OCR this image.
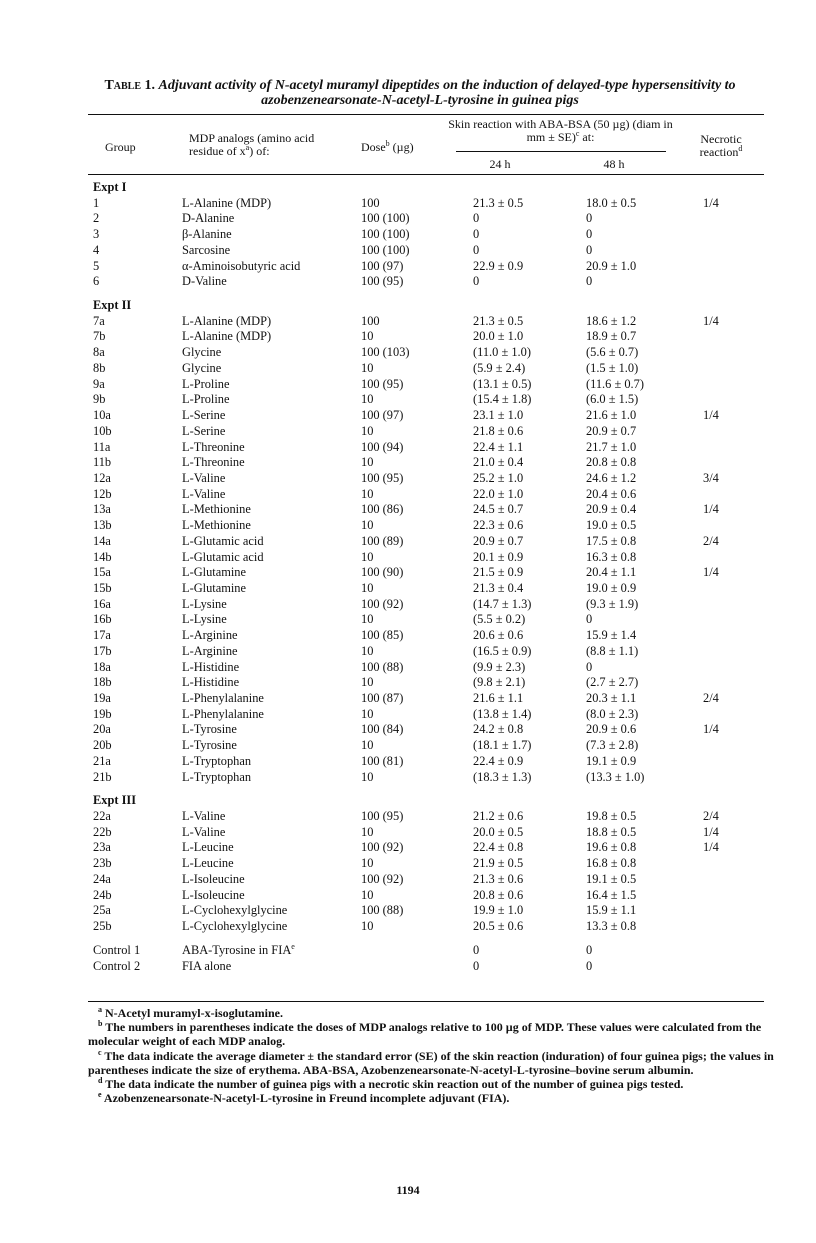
Table 1. Adjuvant activity of N-acetyl muramyl dipeptides on the induction of delayed-type hypersensitivity to azobenzenearsonate-N-acetyl-L-tyrosine in guinea pigs
Group
MDP analogs (amino acid residue of $x^a$) of:	Dose$^b$ (µg)
Skin reaction with ABA-BSA (50 µg) (diam in mm ± SE)$^c$ at:
24 h	48 h
Necrotic reaction$^d$
Expt I
1	L-Alanine (MDP)	100	21.3 ± 0.5	18.0 ± 0.5	1/4
2	D-Alanine	100 (100)	0	0
3	β-Alanine	100 (100)	0	0
4	Sarcosine	100 (100)	0	0
5	α-Aminoisobutyric acid	100 (97)	22.9 ± 0.9	20.9 ± 1.0
6	D-Valine	100 (95)	0	0
Expt II
7a	L-Alanine (MDP)	100	21.3 ± 0.5	18.6 ± 1.2	1/4
7b	L-Alanine (MDP)	10	20.0 ± 1.0	18.9 ± 0.7
8a	Glycine	100 (103)	(11.0 ± 1.0)	(5.6 ± 0.7)
8b	Glycine	10	(5.9 ± 2.4)	(1.5 ± 1.0)
9a	L-Proline	100 (95)	(13.1 ± 0.5)	(11.6 ± 0.7)
9b	L-Proline	10	(15.4 ± 1.8)	(6.0 ± 1.5)
10a	L-Serine	100 (97)	23.1 ± 1.0	21.6 ± 1.0	1/4
10b	L-Serine	10	21.8 ± 0.6	20.9 ± 0.7
11a	L-Threonine	100 (94)	22.4 ± 1.1	21.7 ± 1.0
11b	L-Threonine	10	21.0 ± 0.4	20.8 ± 0.8
12a	L-Valine	100 (95)	25.2 ± 1.0	24.6 ± 1.2	3/4
12b	L-Valine	10	22.0 ± 1.0	20.4 ± 0.6
13a	L-Methionine	100 (86)	24.5 ± 0.7	20.9 ± 0.4	1/4
13b	L-Methionine	10	22.3 ± 0.6	19.0 ± 0.5
14a	L-Glutamic acid	100 (89)	20.9 ± 0.7	17.5 ± 0.8	2/4
14b	L-Glutamic acid	10	20.1 ± 0.9	16.3 ± 0.8
15a	L-Glutamine	100 (90)	21.5 ± 0.9	20.4 ± 1.1	1/4
15b	L-Glutamine	10	21.3 ± 0.4	19.0 ± 0.9
16a	L-Lysine	100 (92)	(14.7 ± 1.3)	(9.3 ± 1.9)
16b	L-Lysine	10	(5.5 ± 0.2)	0
17a	L-Arginine	100 (85)	20.6 ± 0.6	15.9 ± 1.4
17b	L-Arginine	10	(16.5 ± 0.9)	(8.8 ± 1.1)
18a	L-Histidine	100 (88)	(9.9 ± 2.3)	0
18b	L-Histidine	10	(9.8 ± 2.1)	(2.7 ± 2.7)
19a	L-Phenylalanine	100 (87)	21.6 ± 1.1	20.3 ± 1.1	2/4
19b	L-Phenylalanine	10	(13.8 ± 1.4)	(8.0 ± 2.3)
20a	L-Tyrosine	100 (84)	24.2 ± 0.8	20.9 ± 0.6	1/4
20b	L-Tyrosine	10	(18.1 ± 1.7)	(7.3 ± 2.8)
21a	L-Tryptophan	100 (81)	22.4 ± 0.9	19.1 ± 0.9
21b	L-Tryptophan	10	(18.3 ± 1.3)	(13.3 ± 1.0)
Expt III
22a	L-Valine	100 (95)	21.2 ± 0.6	19.8 ± 0.5	2/4
22b	L-Valine	10	20.0 ± 0.5	18.8 ± 0.5	1/4
23a	L-Leucine	100 (92)	22.4 ± 0.8	19.6 ± 0.8	1/4
23b	L-Leucine	10	21.9 ± 0.5	16.8 ± 0.8
24a	L-Isoleucine	100 (92)	21.3 ± 0.6	19.1 ± 0.5
24b	L-Isoleucine	10	20.8 ± 0.6	16.4 ± 1.5
25a	L-Cyclohexylglycine	100 (88)	19.9 ± 1.0	15.9 ± 1.1
25b	L-Cyclohexylglycine	10	20.5 ± 0.6	13.3 ± 0.8
Control 1	ABA-Tyrosine in FIA$^e$	0	0
Control 2	FIA alone	0	0

$^a$ N-Acetyl muramyl-x-isoglutamine.

$^b$ The numbers in parentheses indicate the doses of MDP analogs relative to 100 µg of MDP. These values were calculated from the molecular weight of each MDP analog.

$^c$ The data indicate the average diameter ± the standard error (SE) of the skin reaction (induration) of four guinea pigs; the values in parentheses indicate the size of erythema. ABA-BSA, Azobenzenearsonate-N-acetyl-L-tyrosine–bovine serum albumin.

$^d$ The data indicate the number of guinea pigs with a necrotic skin reaction out of the number of guinea pigs tested.

$^e$ Azobenzenearsonate-N-acetyl-L-tyrosine in Freund incomplete adjuvant (FIA).

1194
